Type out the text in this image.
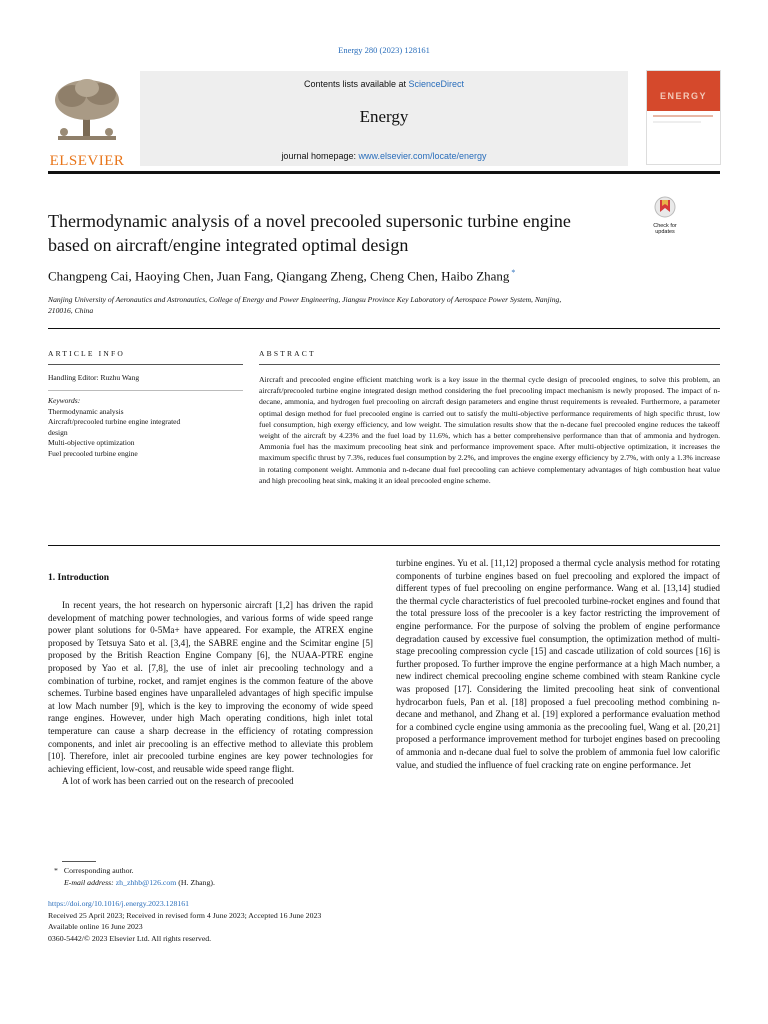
Energy 280 (2023) 128161
ELSEVIER
Contents lists available at ScienceDirect
Energy
journal homepage: www.elsevier.com/locate/energy
ENERGY
Check for
updates
Thermodynamic analysis of a novel precooled supersonic turbine engine
based on aircraft/engine integrated optimal design
Changpeng Cai, Haoying Chen, Juan Fang, Qiangang Zheng, Cheng Chen, Haibo Zhang *
Nanjing University of Aeronautics and Astronautics, College of Energy and Power Engineering, Jiangsu Province Key Laboratory of Aerospace Power System, Nanjing,
210016, China
ARTICLE INFO
Handling Editor: Ruzhu Wang
Keywords:
Thermodynamic analysis
Aircraft/precooled turbine engine integrated
design
Multi-objective optimization
Fuel precooled turbine engine
ABSTRACT
Aircraft and precooled engine efficient matching work is a key issue in the thermal cycle design of precooled engines, to solve this problem, an aircraft/precooled turbine engine integrated design method considering the fuel precooling impact mechanism is newly proposed. The impact of n-decane, ammonia, and hydrogen fuel precooling on aircraft design parameters and engine thrust requirements is revealed. Furthermore, a parameter optimal design method for fuel precooled engine is carried out to satisfy the multi-objective performance requirements of high specific thrust, low fuel consumption, high exergy efficiency, and low weight. The simulation results show that the n-decane fuel precooled engine reduces the takeoff weight of the aircraft by 4.23% and the fuel load by 11.6%, which has a better comprehensive performance than that of ammonia and hydrogen. Ammonia fuel has the maximum precooling heat sink and performance improvement space. After multi-objective optimization, it increases the maximum specific thrust by 7.3%, reduces fuel consumption by 2.2%, and improves the engine exergy efficiency by 2.7%, with only a 1.3% increase in rotating component weight. Ammonia and n-decane dual fuel precooling can achieve complementary advantages of high combustion heat value and high precooling heat sink, making it an ideal precooled engine scheme.
1. Introduction

In recent years, the hot research on hypersonic aircraft [1,2] has driven the rapid development of matching power technologies, and various forms of wide speed range power plant solutions for 0-5Ma+ have appeared. For example, the ATREX engine proposed by Tetsuya Sato et al. [3,4], the SABRE engine and the Scimitar engine [5] proposed by the British Reaction Engine Company [6], the NUAA-PTRE engine proposed by Yao et al. [7,8], the use of inlet air precooling technology and a combination of turbine, rocket, and ramjet engines is the common feature of the above schemes. Turbine based engines have unparalleled advantages of high specific impulse at low Mach number [9], which is the key to improving the economy of wide speed range engines. However, under high Mach operating conditions, high inlet total temperature can cause a sharp decrease in the efficiency of rotating compression components, and inlet air precooling is an effective method to alleviate this problem [10]. Therefore, inlet air precooled turbine engines are key power technologies for achieving efficient, low-cost, and reusable wide speed range flight.

A lot of work has been carried out on the research of precooled

turbine engines. Yu et al. [11,12] proposed a thermal cycle analysis method for rotating components of turbine engines based on fuel precooling and explored the impact of different types of fuel precooling on engine performance. Wang et al. [13,14] studied the thermal cycle characteristics of fuel precooled turbine-rocket engines and found that the total pressure loss of the precooler is a key factor restricting the improvement of engine performance. For the purpose of solving the problem of engine performance degradation caused by excessive fuel consumption, the optimization method of multi-stage precooling compression cycle [15] and cascade utilization of cold sources [16] is further proposed. To further improve the engine performance at a high Mach number, a new indirect chemical precooling engine scheme combined with steam Rankine cycle was proposed [17]. Considering the limited precooling heat sink of conventional hydrocarbon fuels, Pan et al. [18] proposed a fuel precooling method combining n-decane and methanol, and Zhang et al. [19] explored a performance evaluation method for a combined cycle engine using ammonia as the precooling fuel, Wang et al. [20,21] proposed a performance improvement method for turbojet engines based on precooling of ammonia and n-decane dual fuel to solve the problem of ammonia fuel low calorific value, and studied the influence of fuel cracking rate on engine performance. Jet
* Corresponding author.
E-mail address: zh_zhhb@126.com (H. Zhang).
https://doi.org/10.1016/j.energy.2023.128161
Received 25 April 2023; Received in revised form 4 June 2023; Accepted 16 June 2023
Available online 16 June 2023
0360-5442/© 2023 Elsevier Ltd. All rights reserved.
